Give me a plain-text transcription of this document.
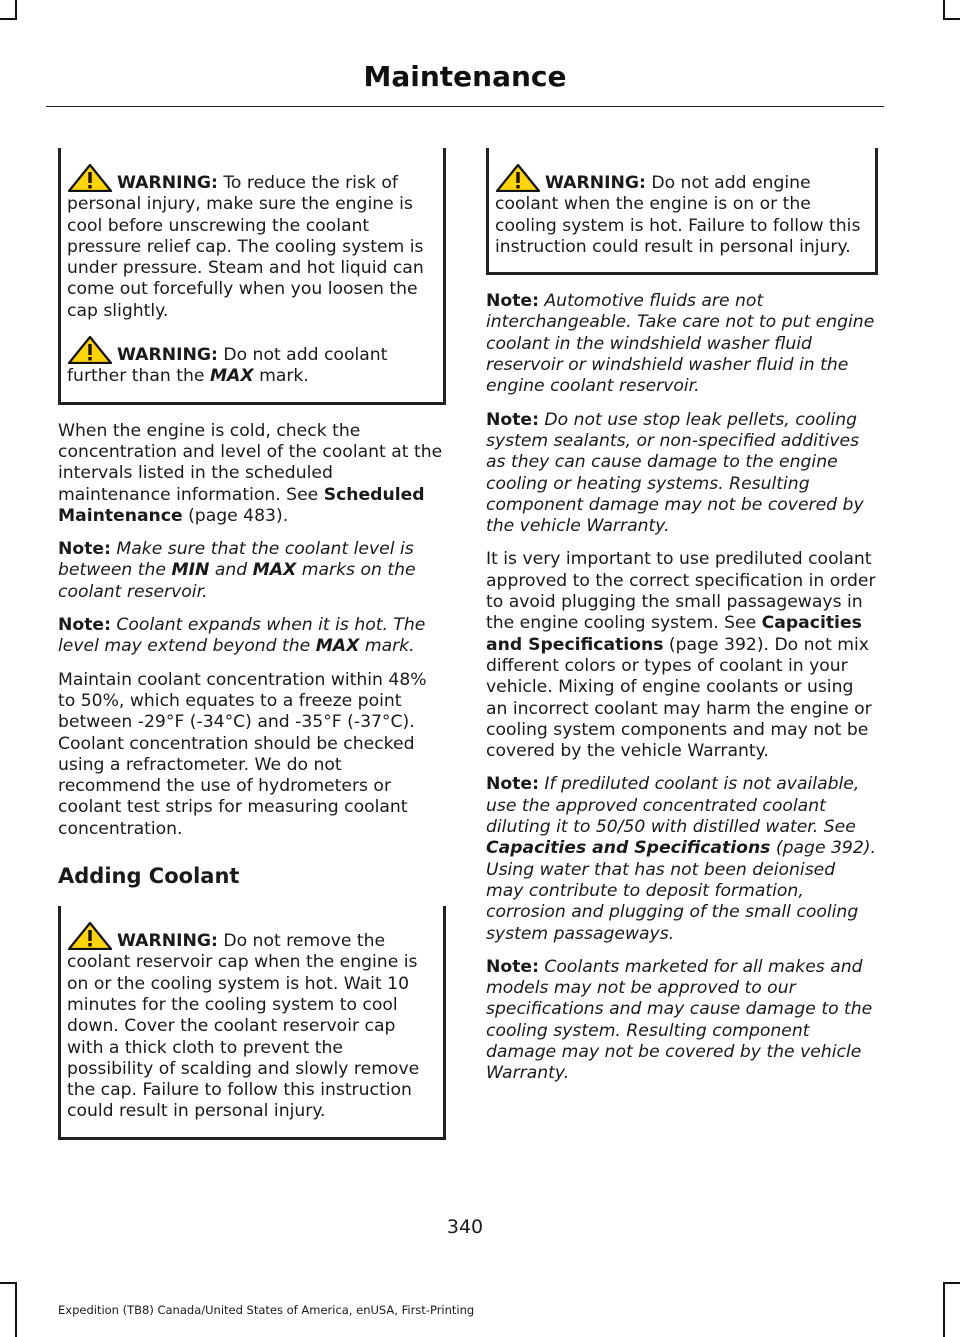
Maintenance
WARNING: To reduce the risk of personal injury, make sure the engine is cool before unscrewing the coolant pressure relief cap. The cooling system is under pressure. Steam and hot liquid can come out forcefully when you loosen the cap slightly.
WARNING: Do not add coolant further than the MAX mark.

When the engine is cold, check the concentration and level of the coolant at the intervals listed in the scheduled maintenance information. See Scheduled Maintenance (page 483).

Note: Make sure that the coolant level is between the MIN and MAX marks on the coolant reservoir.

Note: Coolant expands when it is hot. The level may extend beyond the MAX mark.

Maintain coolant concentration within 48% to 50%, which equates to a freeze point between -29°F (-34°C) and -35°F (-37°C). Coolant concentration should be checked using a refractometer. We do not recommend the use of hydrometers or coolant test strips for measuring coolant concentration.

Adding Coolant
WARNING: Do not remove the coolant reservoir cap when the engine is on or the cooling system is hot. Wait 10 minutes for the cooling system to cool down. Cover the coolant reservoir cap with a thick cloth to prevent the possibility of scalding and slowly remove the cap. Failure to follow this instruction could result in personal injury.
WARNING: Do not add engine coolant when the engine is on or the cooling system is hot. Failure to follow this instruction could result in personal injury.

Note: Automotive fluids are not interchangeable. Take care not to put engine coolant in the windshield washer fluid reservoir or windshield washer fluid in the engine coolant reservoir.

Note: Do not use stop leak pellets, cooling system sealants, or non-specified additives as they can cause damage to the engine cooling or heating systems. Resulting component damage may not be covered by the vehicle Warranty.

It is very important to use prediluted coolant approved to the correct specification in order to avoid plugging the small passageways in the engine cooling system. See Capacities and Specifications (page 392). Do not mix different colors or types of coolant in your vehicle. Mixing of engine coolants or using an incorrect coolant may harm the engine or cooling system components and may not be covered by the vehicle Warranty.

Note: If prediluted coolant is not available, use the approved concentrated coolant diluting it to 50/50 with distilled water. See Capacities and Specifications (page 392). Using water that has not been deionised may contribute to deposit formation, corrosion and plugging of the small cooling system passageways.

Note: Coolants marketed for all makes and models may not be approved to our specifications and may cause damage to the cooling system. Resulting component damage may not be covered by the vehicle Warranty.

340
Expedition (TB8) Canada/United States of America, enUSA, First-Printing
